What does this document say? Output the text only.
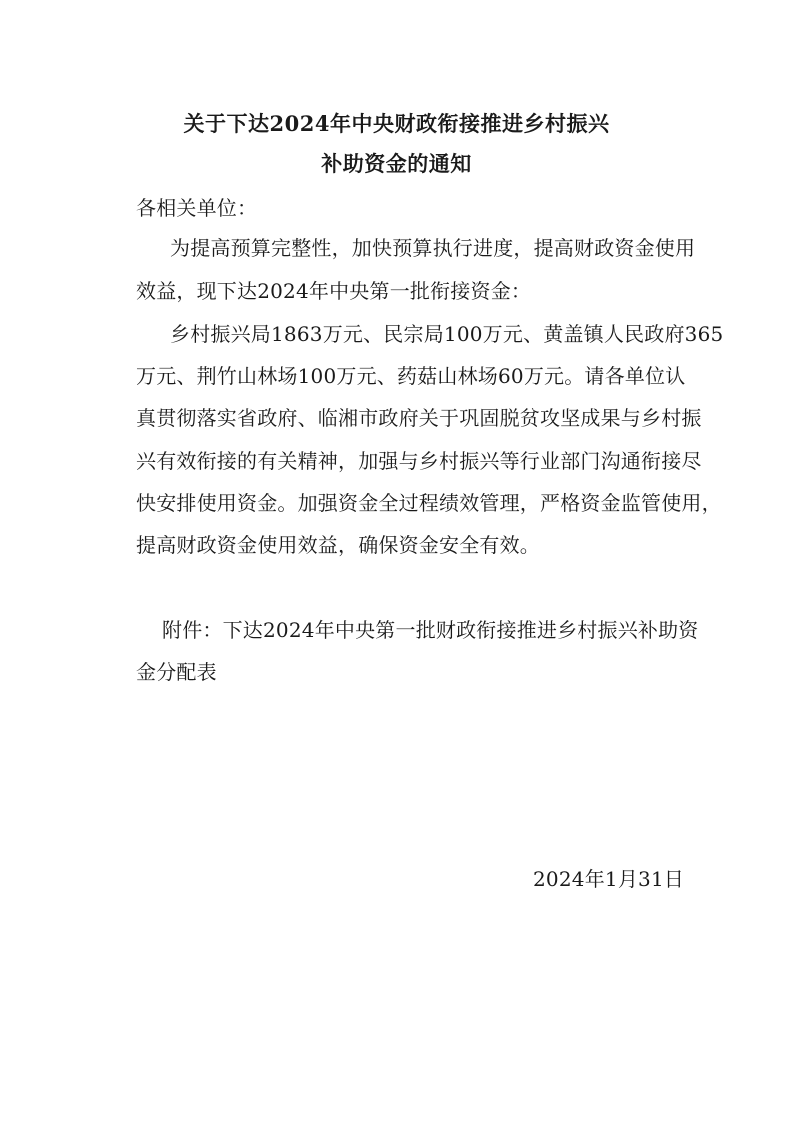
关于下达2024年中央财政衔接推进乡村振兴
补助资金的通知
各相关单位：
为提高预算完整性，加快预算执行进度，提高财政资金使用
效益，现下达2024年中央第一批衔接资金：
乡村振兴局1863万元、民宗局100万元、黄盖镇人民政府365
万元、荆竹山林场100万元、药菇山林场60万元。请各单位认
真贯彻落实省政府、临湘市政府关于巩固脱贫攻坚成果与乡村振
兴有效衔接的有关精神，加强与乡村振兴等行业部门沟通衔接尽
快安排使用资金。加强资金全过程绩效管理，严格资金监管使用，
提高财政资金使用效益，确保资金安全有效。
附件：下达2024年中央第一批财政衔接推进乡村振兴补助资
金分配表
2024年1月31日
